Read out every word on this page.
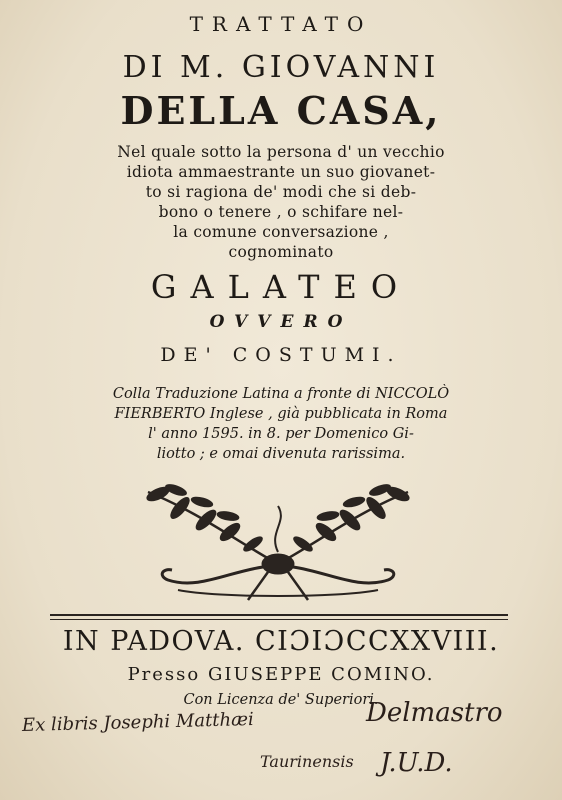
TRATTATO
DI M. GIOVANNI
DELLA CASA,
Nel quale sotto la persona d' un vecchio
idiota ammaestrante un suo giovanet-
to si ragiona de' modi che si deb-
bono o tenere , o schifare nel-
la comune conversazione ,
cognominato
GALATEO
OVVERO
DE' COSTUMI.
Colla Traduzione Latina a fronte di NICCOLÒ
FIERBERTO Inglese , già pubblicata in Roma
l' anno 1595. in 8. per Domenico Gi-
liotto ; e omai divenuta rarissima.
IN PADOVA. CIƆIƆCCXXVIII.
Presso GIUSEPPE COMINO.
Con Licenza de' Superiori.
Ex libris Josephi Matthæi	Delmastro
Taurinensis J.U.D.
